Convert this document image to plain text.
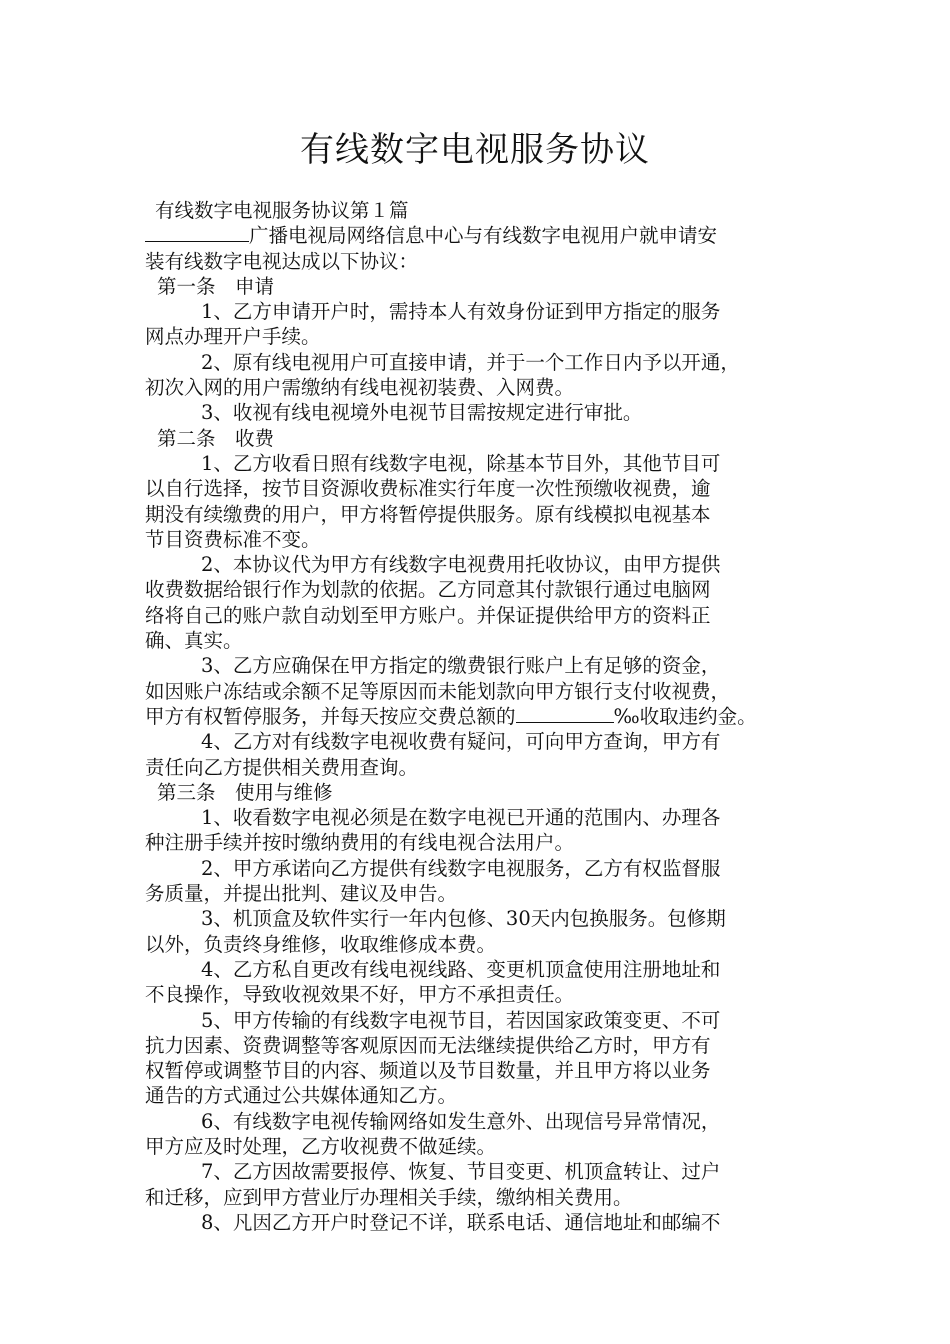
有线数字电视服务协议
有线数字电视服务协议第１篇
广播电视局网络信息中心与有线数字电视用户就申请安
装有线数字电视达成以下协议：
第一条　申请
1、乙方申请开户时，需持本人有效身份证到甲方指定的服务
网点办理开户手续。
2、原有线电视用户可直接申请，并于一个工作日内予以开通，
初次入网的用户需缴纳有线电视初装费、入网费。
3、收视有线电视境外电视节目需按规定进行审批。
第二条　收费
1、乙方收看日照有线数字电视，除基本节目外，其他节目可
以自行选择，按节目资源收费标准实行年度一次性预缴收视费，逾
期没有续缴费的用户，甲方将暂停提供服务。原有线模拟电视基本
节目资费标准不变。
2、本协议代为甲方有线数字电视费用托收协议，由甲方提供
收费数据给银行作为划款的依据。乙方同意其付款银行通过电脑网
络将自己的账户款自动划至甲方账户。并保证提供给甲方的资料正
确、真实。
3、乙方应确保在甲方指定的缴费银行账户上有足够的资金，
如因账户冻结或余额不足等原因而未能划款向甲方银行支付收视费，
甲方有权暂停服务，并每天按应交费总额的	‰收取违约金。
4、乙方对有线数字电视收费有疑问，可向甲方查询，甲方有
责任向乙方提供相关费用查询。
第三条　使用与维修
1、收看数字电视必须是在数字电视已开通的范围内、办理各
种注册手续并按时缴纳费用的有线电视合法用户。
2、甲方承诺向乙方提供有线数字电视服务，乙方有权监督服
务质量，并提出批判、建议及申告。
3、机顶盒及软件实行一年内包修、30天内包换服务。包修期
以外，负责终身维修，收取维修成本费。
4、乙方私自更改有线电视线路、变更机顶盒使用注册地址和
不良操作，导致收视效果不好，甲方不承担责任。
5、甲方传输的有线数字电视节目，若因国家政策变更、不可
抗力因素、资费调整等客观原因而无法继续提供给乙方时，甲方有
权暂停或调整节目的内容、频道以及节目数量，并且甲方将以业务
通告的方式通过公共媒体通知乙方。
6、有线数字电视传输网络如发生意外、出现信号异常情况，
甲方应及时处理，乙方收视费不做延续。
7、乙方因故需要报停、恢复、节目变更、机顶盒转让、过户
和迁移，应到甲方营业厅办理相关手续，缴纳相关费用。
8、凡因乙方开户时登记不详，联系电话、通信地址和邮编不
